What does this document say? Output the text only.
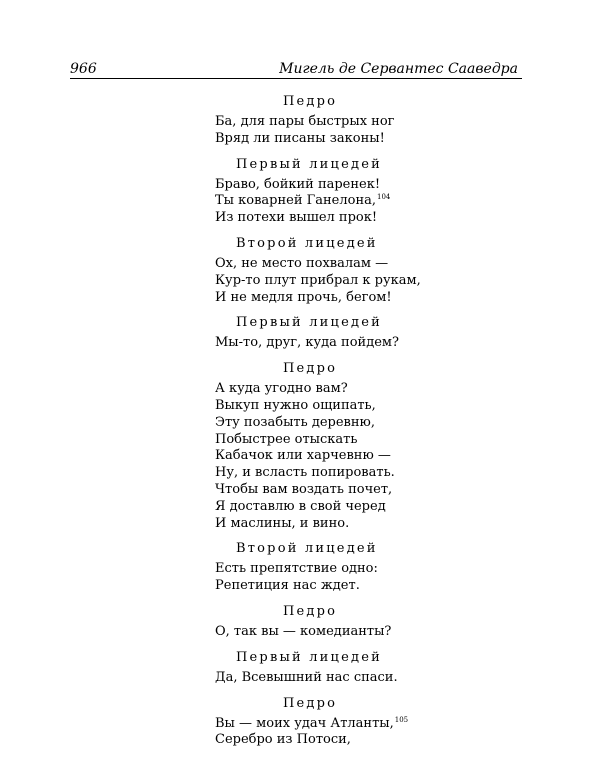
966	Мигель де Сервантес Сааведра
Педро
Ба, для пары быстрых ног
Вряд ли писаны законы!
Первый лицедей
Браво, бойкий паренек!
Ты коварней Ганелона,$^{104}$
Из потехи вышел прок!
Второй лицедей
Ох, не место похвалам —
Кур-то плут прибрал к рукам,
И не медля прочь, бегом!
Первый лицедей
Мы-то, друг, куда пойдем?
Педро
А куда угодно вам?
Выкуп нужно ощипать,
Эту позабыть деревню,
Побыстрее отыскать
Кабачок или харчевню —
Ну, и всласть попировать.
Чтобы вам воздать почет,
Я доставлю в свой черед
И маслины, и вино.
Второй лицедей
Есть препятствие одно:
Репетиция нас ждет.
Педро
О, так вы — комедианты?
Первый лицедей
Да, Всевышний нас спаси.
Педро
Вы — моих удач Атланты,$^{105}$
Серебро из Потоси,
